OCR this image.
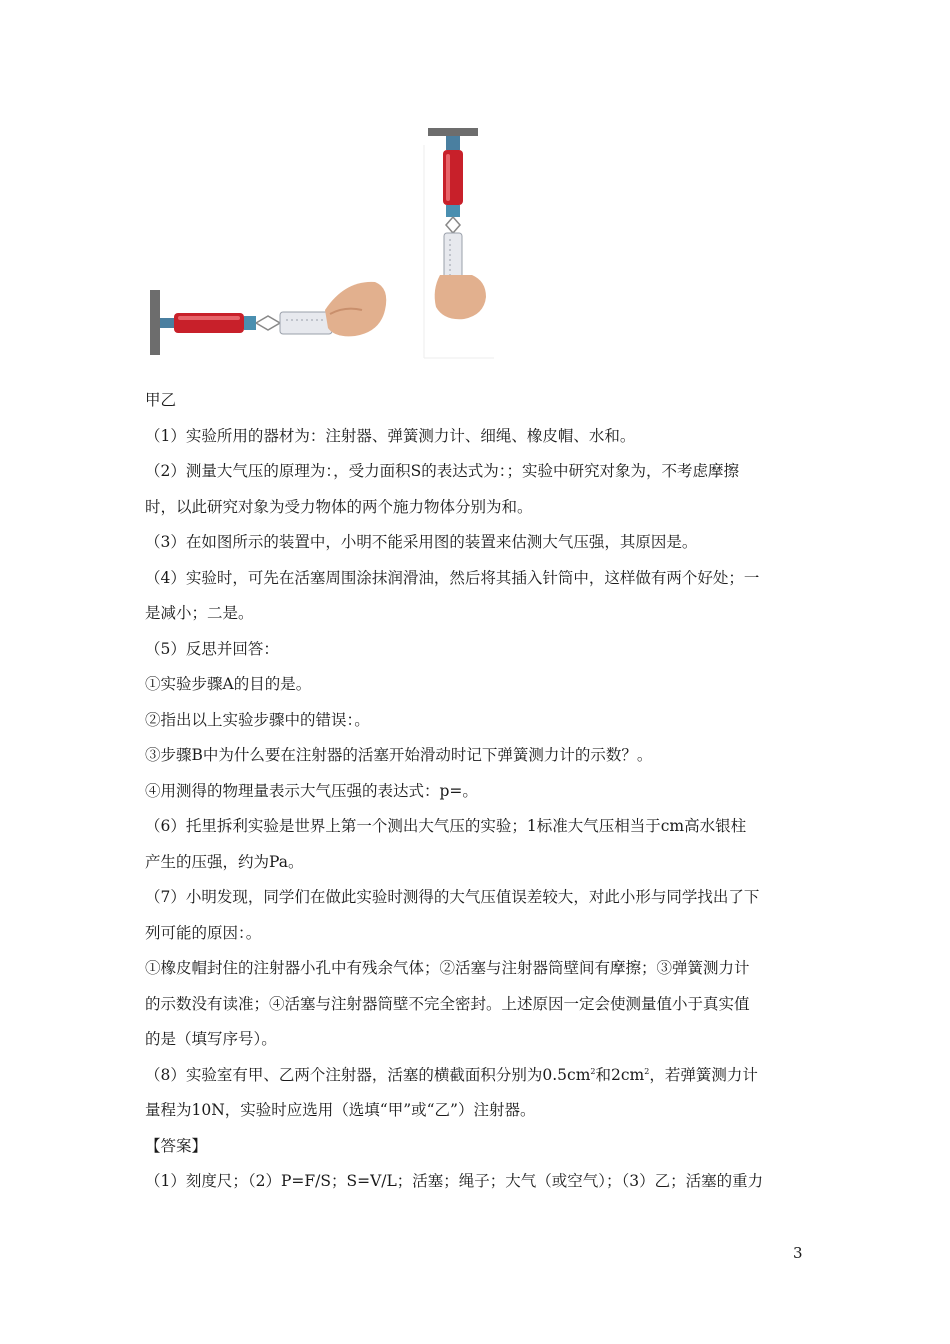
甲乙
（1）实验所用的器材为：注射器、弹簧测力计、细绳、橡皮帽、水和。
（2）测量大气压的原理为：，受力面积S的表达式为：；实验中研究对象为，不考虑摩擦
时，以此研究对象为受力物体的两个施力物体分别为和。
（3）在如图所示的装置中，小明不能采用图的装置来估测大气压强，其原因是。
（4）实验时，可先在活塞周围涂抹润滑油，然后将其插入针筒中，这样做有两个好处；一
是减小；二是。
（5）反思并回答：
①实验步骤A的目的是。
②指出以上实验步骤中的错误：。
③步骤B中为什么要在注射器的活塞开始滑动时记下弹簧测力计的示数？。
④用测得的物理量表示大气压强的表达式：p=。
（6）托里拆利实验是世界上第一个测出大气压的实验；1标准大气压相当于cm高水银柱
产生的压强，约为Pa。
（7）小明发现，同学们在做此实验时测得的大气压值误差较大，对此小形与同学找出了下
列可能的原因：。
①橡皮帽封住的注射器小孔中有残余气体；②活塞与注射器筒壁间有摩擦；③弹簧测力计
的示数没有读准；④活塞与注射器筒壁不完全密封。上述原因一定会使测量值小于真实值
的是（填写序号）。
（8）实验室有甲、乙两个注射器，活塞的横截面积分别为$0.5cm^2$和$2cm^2$，若弹簧测力计
量程为10N，实验时应选用（选填“甲”或“乙”）注射器。
【答案】
（1）刻度尺；（2）P=F/S；S=V/L；活塞；绳子；大气（或空气）；（3）乙；活塞的重力
3
